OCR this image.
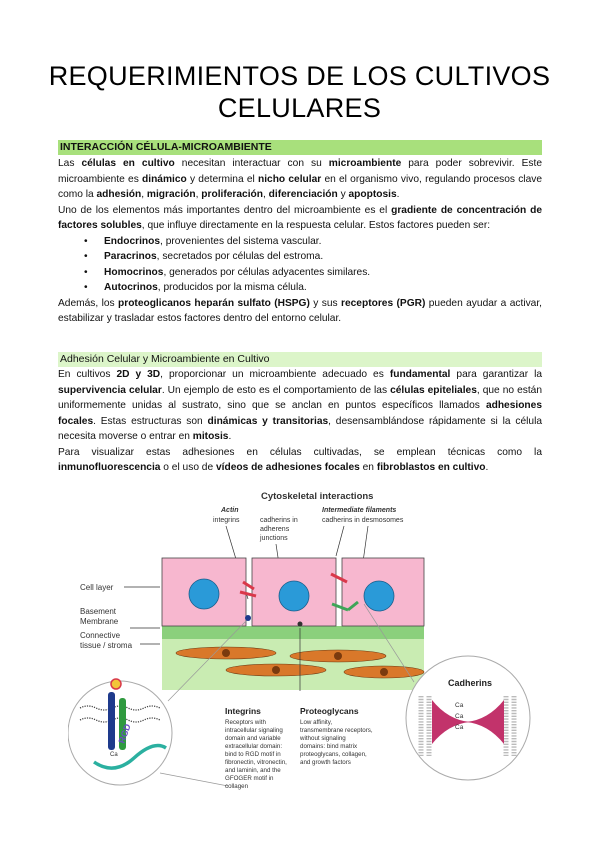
REQUERIMIENTOS DE LOS CULTIVOS
CELULARES
INTERACCIÓN CÉLULA-MICROAMBIENTE

Las células en cultivo necesitan interactuar con su microambiente para poder sobrevivir. Este microambiente es dinámico y determina el nicho celular en el organismo vivo, regulando procesos clave como la adhesión, migración, proliferación, diferenciación y apoptosis.

Uno de los elementos más importantes dentro del microambiente es el gradiente de concentración de factores solubles, que influye directamente en la respuesta celular. Estos factores pueden ser:

• Endocrinos, provenientes del sistema vascular.
• Paracrinos, secretados por células del estroma.
• Homocrinos, generados por células adyacentes similares.
• Autocrinos, producidos por la misma célula.

Además, los proteoglicanos heparán sulfato (HSPG) y sus receptores (PGR) pueden ayudar a activar, estabilizar y trasladar estos factores dentro del entorno celular.

Adhesión Celular y Microambiente en Cultivo

En cultivos 2D y 3D, proporcionar un microambiente adecuado es fundamental para garantizar la supervivencia celular. Un ejemplo de esto es el comportamiento de las células epiteliales, que no están uniformemente unidas al sustrato, sino que se anclan en puntos específicos llamados adhesiones focales. Estas estructuras son dinámicas y transitorias, desensamblándose rápidamente si la célula necesita moverse o entrar en mitosis.

Para visualizar estas adhesiones en células cultivadas, se emplean técnicas como la inmunofluorescencia o el uso de vídeos de adhesiones focales en fibroblastos en cultivo.

Cytoskeletal interactions
Actin
integrins	cadherins in
adherens
junctions
Intermediate filaments
cadherins in desmosomes
Cell layer
Basement
Membrane
Connective
tissue / stroma
RGD
Ca
Integrins
Receptors with
intracellular signaling
domain and variable
extracellular domain:
bind to RGD motif in
fibronectin, vitronectin,
and laminin, and the
GFOGER motif in
collagen
Proteoglycans
Low affinity,
transmembrane receptors,
without signaling
domains: bind matrix
proteoglycans, collagen,
and growth factors
Cadherins
Ca
Ca
Ca
